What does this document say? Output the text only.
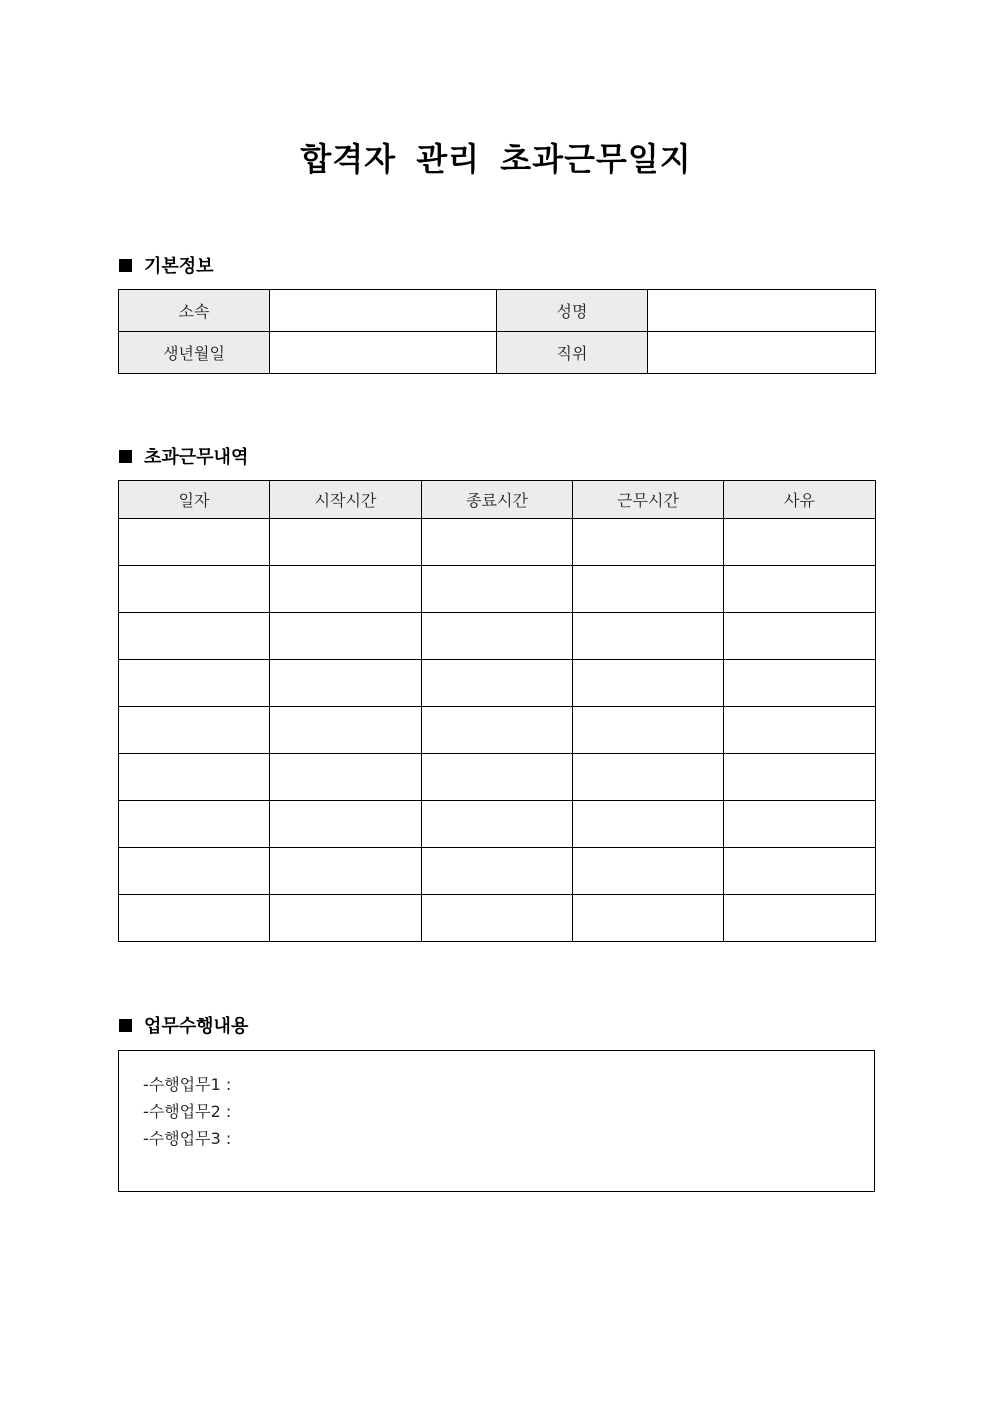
합격자 관리 초과근무일지
기본정보
소속		성명	
생년월일		직위	
초과근무내역
일자	시작시간	종료시간	근무시간	사유

업무수행내용
-수행업무1 :
-수행업무2 :
-수행업무3 :
